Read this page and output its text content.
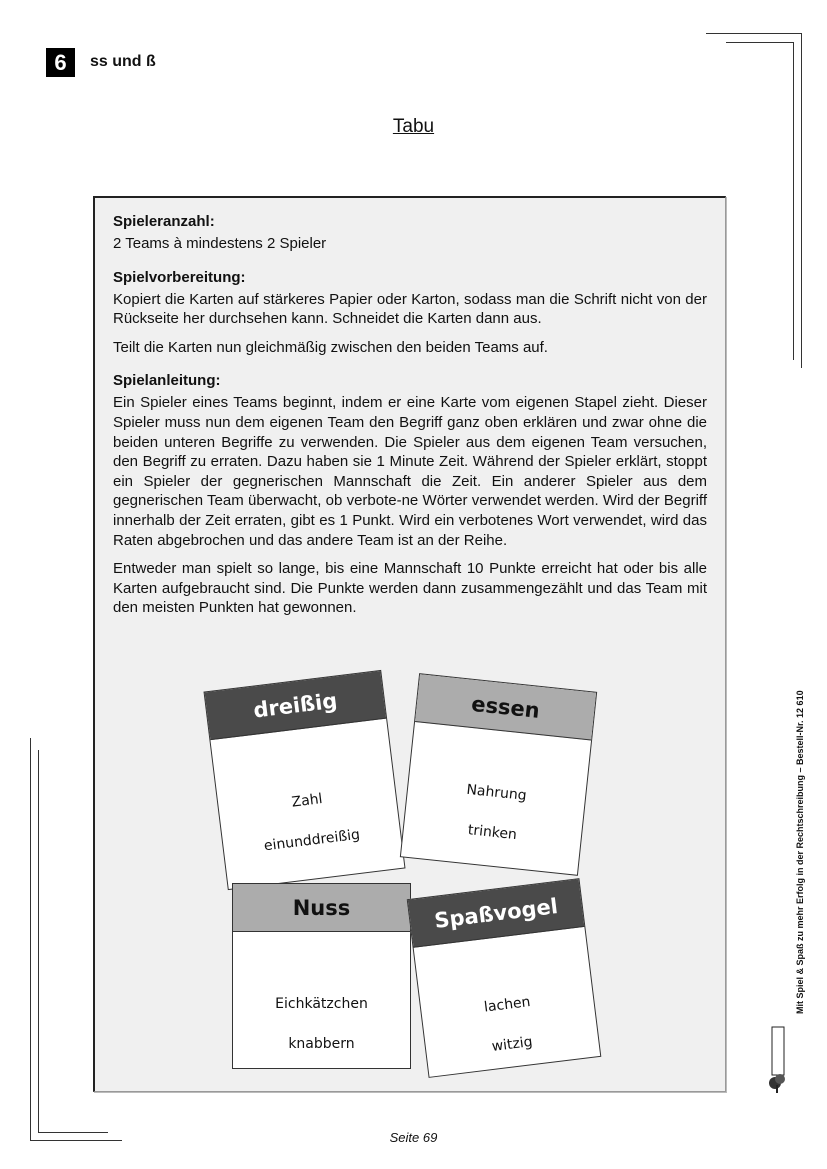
6	ss und ß
Tabu
Spieleranzahl:

2 Teams à mindestens 2 Spieler

Spielvorbereitung:

Kopiert die Karten auf stärkeres Papier oder Karton, sodass man die Schrift nicht von der Rückseite her durchsehen kann. Schneidet die Karten dann aus.

Teilt die Karten nun gleichmäßig zwischen den beiden Teams auf.

Spielanleitung:

Ein Spieler eines Teams beginnt, indem er eine Karte vom eigenen Stapel zieht. Dieser Spieler muss nun dem eigenen Team den Begriff ganz oben erklären und zwar ohne die beiden unteren Begriffe zu verwenden. Die Spieler aus dem eigenen Team versuchen, den Begriff zu erraten. Dazu haben sie 1 Minute Zeit. Während der Spieler erklärt, stoppt ein Spieler der gegnerischen Mannschaft die Zeit. Ein anderer Spieler aus dem gegnerischen Team überwacht, ob verbote-ne Wörter verwendet werden. Wird der Begriff innerhalb der Zeit erraten, gibt es 1 Punkt. Wird ein verbotenes Wort verwendet, wird das Raten abgebrochen und das andere Team ist an der Reihe.

Entweder man spielt so lange, bis eine Mannschaft 10 Punkte erreicht hat oder bis alle Karten aufgebraucht sind. Die Punkte werden dann zusammengezählt und das Team mit den meisten Punkten hat gewonnen.

dreißig
Zahl
einunddreißig
essen
Nahrung
trinken
Nuss
Eichkätzchen
knabbern
Spaßvogel
lachen
witzig
Mit Spiel & Spaß zu mehr Erfolg in der Rechtschreibung – Bestell-Nr. 12 610
Seite 69
